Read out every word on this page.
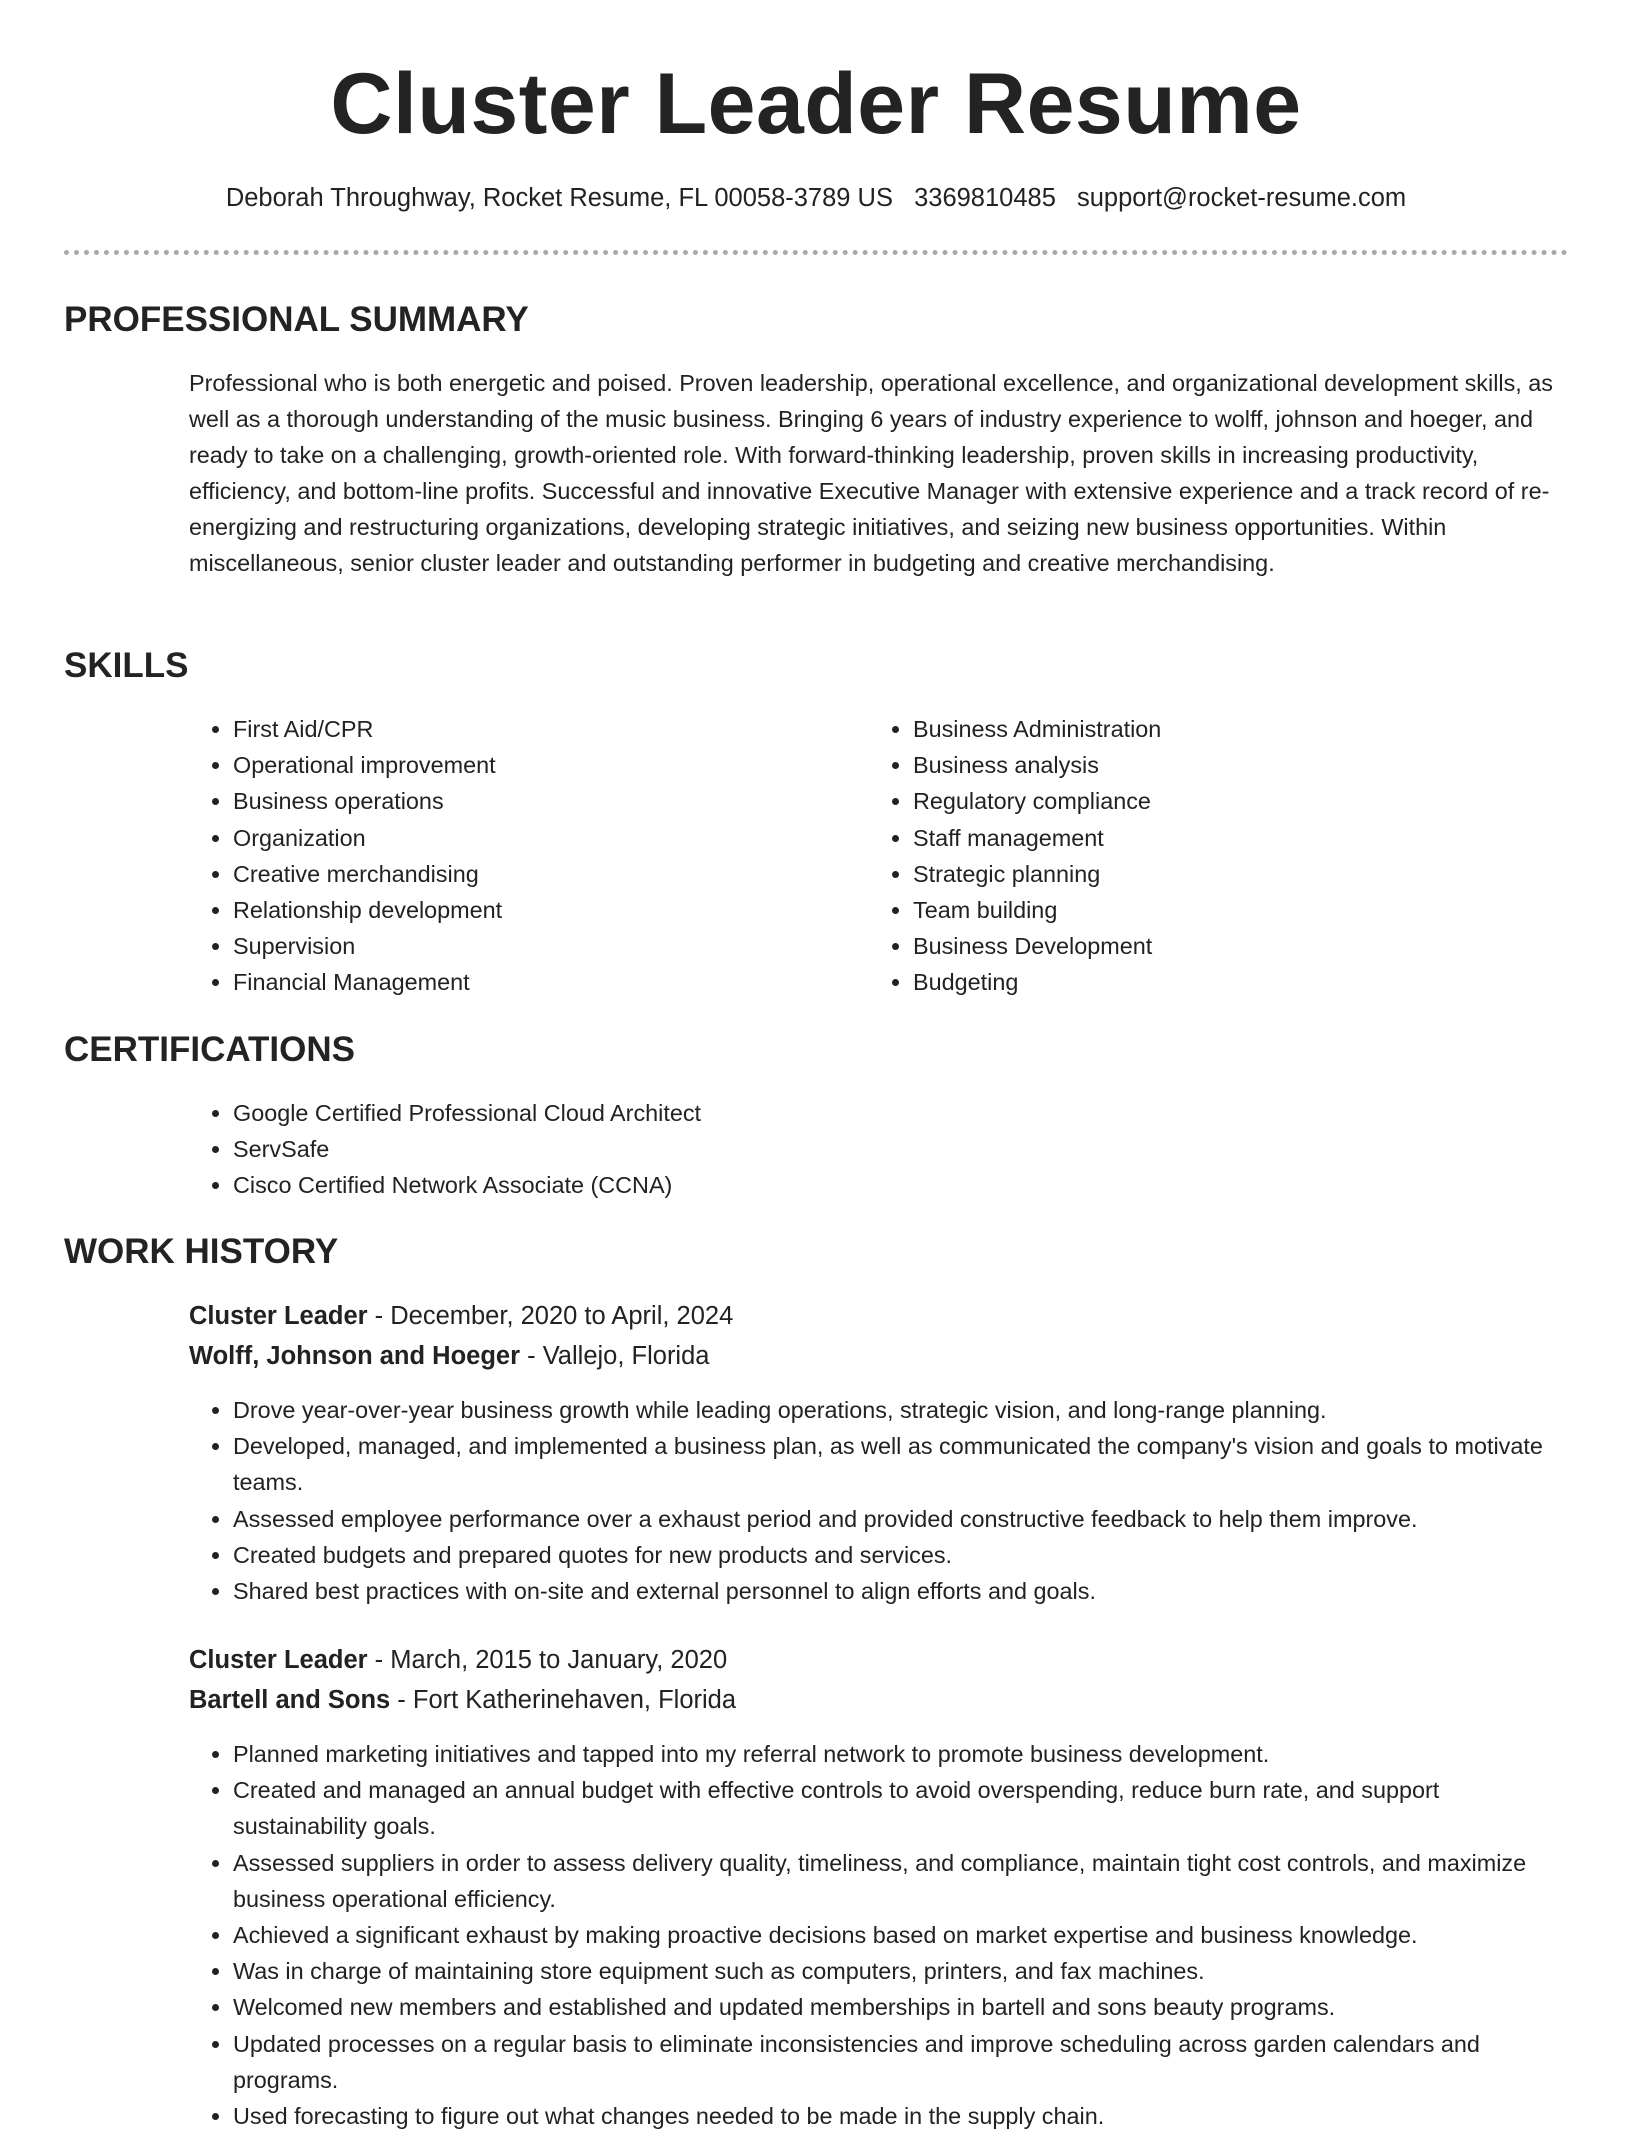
Cluster Leader Resume
Deborah Throughway, Rocket Resume, FL 00058-3789 US 3369810485 support@rocket-resume.com
PROFESSIONAL SUMMARY

Professional who is both energetic and poised. Proven leadership, operational excellence, and organizational development skills, as well as a thorough understanding of the music business. Bringing 6 years of industry experience to wolff, johnson and hoeger, and ready to take on a challenging, growth-oriented role. With forward-thinking leadership, proven skills in increasing productivity, efficiency, and bottom-line profits. Successful and innovative Executive Manager with extensive experience and a track record of re-energizing and restructuring organizations, developing strategic initiatives, and seizing new business opportunities. Within miscellaneous, senior cluster leader and outstanding performer in budgeting and creative merchandising.

SKILLS
• First Aid/CPR
• Operational improvement
• Business operations
• Organization
• Creative merchandising
• Relationship development
• Supervision
• Financial Management
• Business Administration
• Business analysis
• Regulatory compliance
• Staff management
• Strategic planning
• Team building
• Business Development
• Budgeting
CERTIFICATIONS
• Google Certified Professional Cloud Architect
• ServSafe
• Cisco Certified Network Associate (CCNA)
WORK HISTORY
Cluster Leader - December, 2020 to April, 2024
Wolff, Johnson and Hoeger - Vallejo, Florida
• Drove year-over-year business growth while leading operations, strategic vision, and long-range planning.
• Developed, managed, and implemented a business plan, as well as communicated the company's vision and goals to motivate teams.
• Assessed employee performance over a exhaust period and provided constructive feedback to help them improve.
• Created budgets and prepared quotes for new products and services.
• Shared best practices with on-site and external personnel to align efforts and goals.
Cluster Leader - March, 2015 to January, 2020
Bartell and Sons - Fort Katherinehaven, Florida
• Planned marketing initiatives and tapped into my referral network to promote business development.
• Created and managed an annual budget with effective controls to avoid overspending, reduce burn rate, and support sustainability goals.
• Assessed suppliers in order to assess delivery quality, timeliness, and compliance, maintain tight cost controls, and maximize business operational efficiency.
• Achieved a significant exhaust by making proactive decisions based on market expertise and business knowledge.
• Was in charge of maintaining store equipment such as computers, printers, and fax machines.
• Welcomed new members and established and updated memberships in bartell and sons beauty programs.
• Updated processes on a regular basis to eliminate inconsistencies and improve scheduling across garden calendars and programs.
• Used forecasting to figure out what changes needed to be made in the supply chain.
